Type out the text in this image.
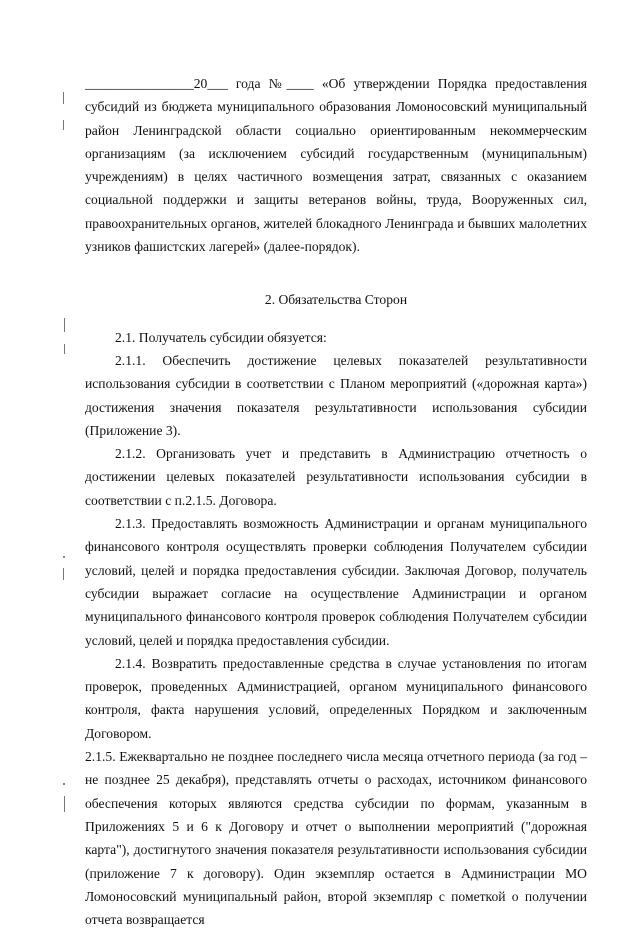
________________20___ года №____ «Об утверждении Порядка предоставления субсидий из бюджета муниципального образования Ломоносовский муниципальный район Ленинградской области социально ориентированным некоммерческим организациям (за исключением субсидий государственным (муниципальным) учреждениям) в целях частичного возмещения затрат, связанных с оказанием социальной поддержки и защиты ветеранов войны, труда, Вооруженных сил, правоохранительных органов, жителей блокадного Ленинграда и бывших малолетних узников фашистских лагерей» (далее-порядок).

2. Обязательства Сторон

2.1. Получатель субсидии обязуется:

2.1.1. Обеспечить достижение целевых показателей результативности использования субсидии в соответствии с Планом мероприятий («дорожная карта») достижения значения показателя результативности использования субсидии (Приложение 3).

2.1.2. Организовать учет и представить в Администрацию отчетность о достижении целевых показателей результативности использования субсидии в соответствии с п.2.1.5. Договора.

2.1.3. Предоставлять возможность Администрации и органам муниципального финансового контроля осуществлять проверки соблюдения Получателем субсидии условий, целей и порядка предоставления субсидии. Заключая Договор, получатель субсидии выражает согласие на осуществление Администрации и органом муниципального финансового контроля проверок соблюдения Получателем субсидии условий, целей и порядка предоставления субсидии.

2.1.4. Возвратить предоставленные средства в случае установления по итогам проверок, проведенных Администрацией, органом муниципального финансового контроля, факта нарушения условий, определенных Порядком и заключенным Договором.

2.1.5. Ежеквартально не позднее последнего числа месяца отчетного периода (за год – не позднее 25 декабря), представлять отчеты о расходах, источником финансового обеспечения которых являются средства субсидии по формам, указанным в Приложениях 5 и 6 к Договору и отчет о выполнении мероприятий ("дорожная карта"), достигнутого значения показателя результативности использования субсидии (приложение 7 к договору). Один экземпляр остается в Администрации МО Ломоносовский муниципальный район, второй экземпляр с пометкой о получении отчета возвращается
